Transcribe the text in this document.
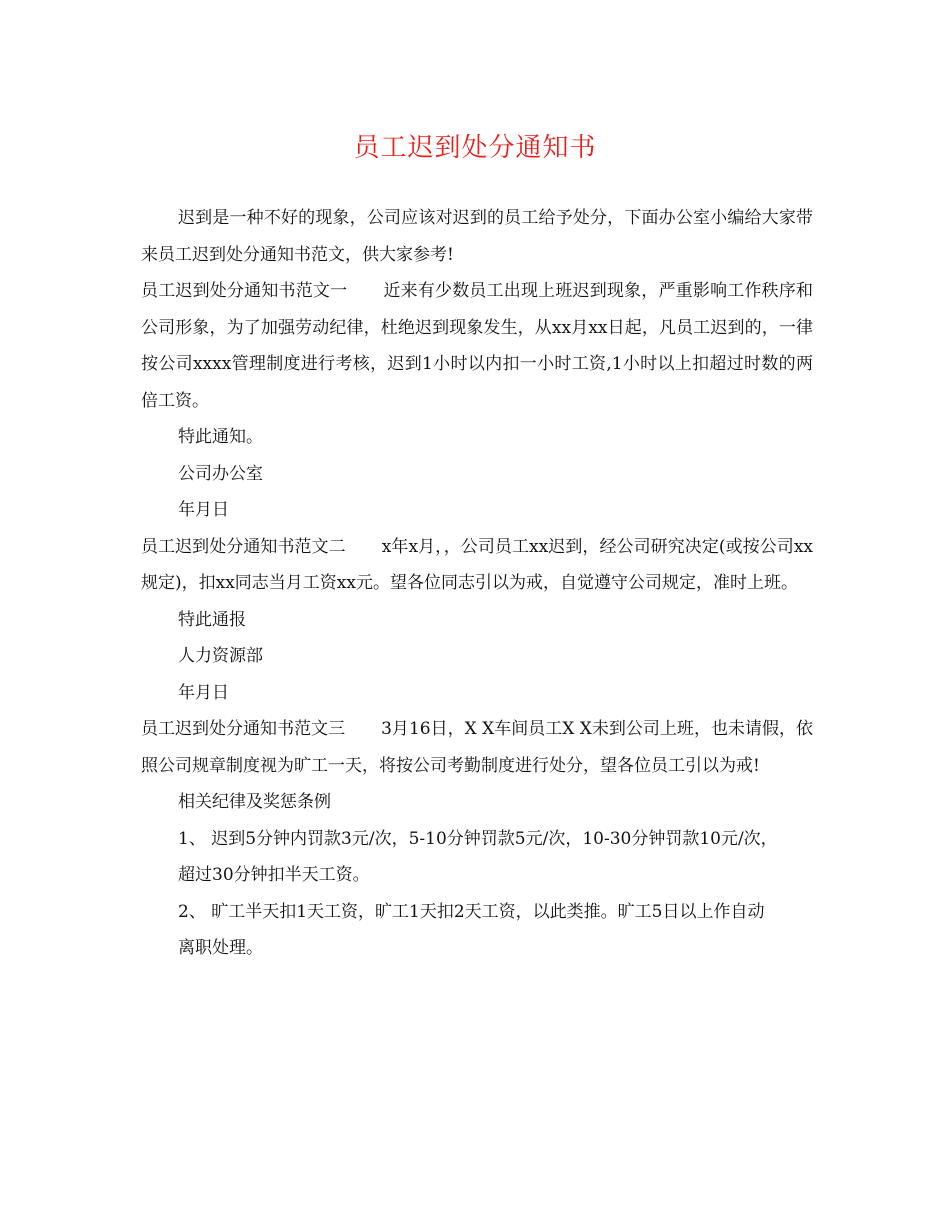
员工迟到处分通知书

迟到是一种不好的现象，公司应该对迟到的员工给予处分，下面办公室小编给大家带来员工迟到处分通知书范文，供大家参考!

员工迟到处分通知书范文一 近来有少数员工出现上班迟到现象，严重影响工作秩序和公司形象，为了加强劳动纪律，杜绝迟到现象发生，从xx月xx日起，凡员工迟到的，一律按公司xxxx管理制度进行考核，迟到1小时以内扣一小时工资,1小时以上扣超过时数的两倍工资。

特此通知。

公司办公室

年月日

员工迟到处分通知书范文二 x年x月，，公司员工xx迟到，经公司研究决定(或按公司xx规定)，扣xx同志当月工资xx元。望各位同志引以为戒，自觉遵守公司规定，准时上班。

特此通报

人力资源部

年月日

员工迟到处分通知书范文三 3月16日，X X车间员工X X未到公司上班，也未请假，依照公司规章制度视为旷工一天，将按公司考勤制度进行处分，望各位员工引以为戒!

相关纪律及奖惩条例

1、 迟到5分钟内罚款3元/次，5-10分钟罚款5元/次，10-30分钟罚款10元/次，

超过30分钟扣半天工资。

2、 旷工半天扣1天工资，旷工1天扣2天工资，以此类推。旷工5日以上作自动

离职处理。
